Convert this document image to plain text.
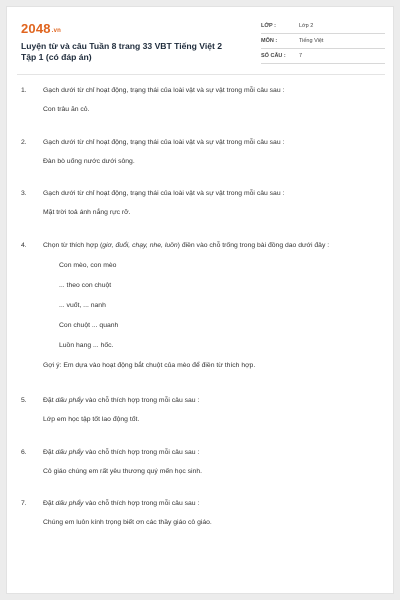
2048.vn
Luyện từ và câu Tuần 8 trang 33 VBT Tiếng Việt 2 Tập 1 (có đáp án)
LỚP :	Lớp 2
MÔN :	Tiếng Việt
SỐ CÂU : 7
1. Gạch dưới từ chỉ hoạt động, trạng thái của loài vật và sự vật trong mỗi câu sau :
Con trâu ăn cỏ.
2. Gạch dưới từ chỉ hoạt động, trạng thái của loài vật và sự vật trong mỗi câu sau :
Đàn bò uống nước dưới sông.
3. Gạch dưới từ chỉ hoạt động, trạng thái của loài vật và sự vật trong mỗi câu sau :
Mặt trời toả ánh nắng rực rỡ.
4. Chọn từ thích hợp (giơ, đuổi, chạy, nhe, luồn) điền vào chỗ trống trong bài đồng dao dưới đây :
Con mèo, con mèo
... theo con chuột
... vuốt, ... nanh
Con chuột ... quanh
Luồn hang ... hốc.
Gợi ý: Em dựa vào hoạt động bắt chuột của mèo để điền từ thích hợp.
5. Đặt dấu phẩy vào chỗ thích hợp trong mỗi câu sau :
Lớp em học tập tốt lao động tốt.
6. Đặt dấu phẩy vào chỗ thích hợp trong mỗi câu sau :
Cô giáo chúng em rất yêu thương quý mến học sinh.
7. Đặt dấu phẩy vào chỗ thích hợp trong mỗi câu sau :
Chúng em luôn kính trọng biết ơn các thầy giáo cô giáo.
